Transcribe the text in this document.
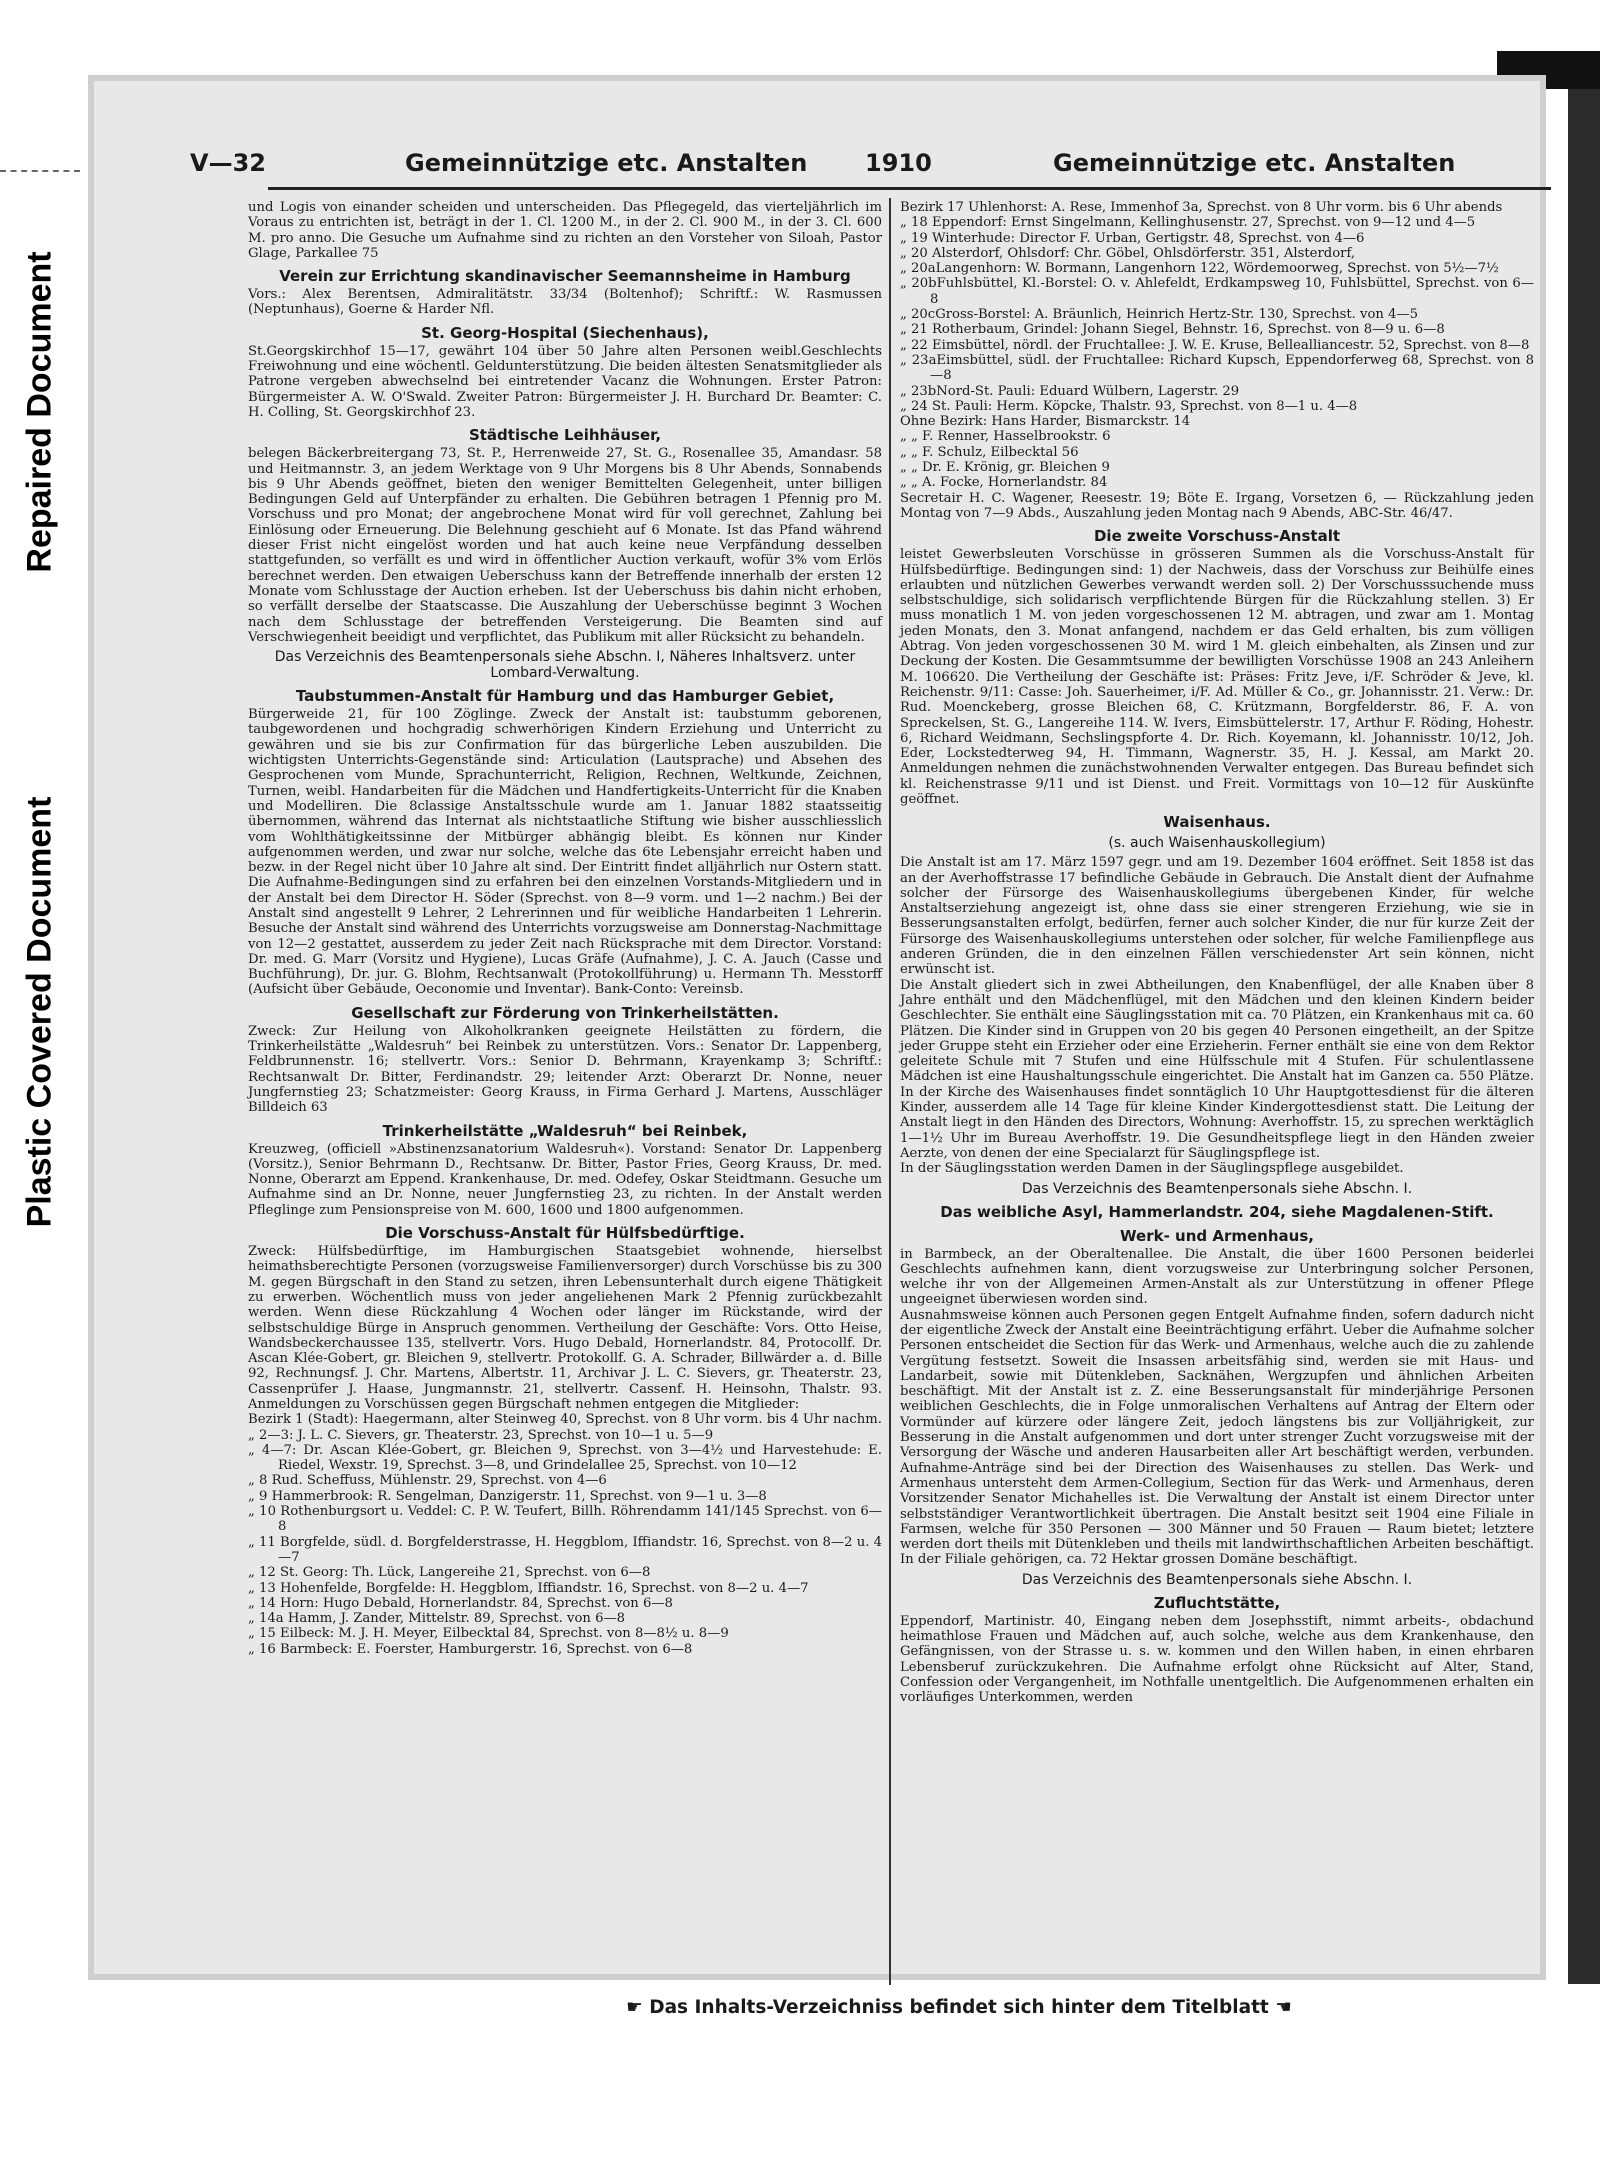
Repaired Document
Plastic Covered Document
V—32	Gemeinnützige etc. Anstalten 1910	Gemeinnützige etc. Anstalten

und Logis von einander scheiden und unterscheiden. Das Pflegegeld, das vierteljährlich im Voraus zu entrichten ist, beträgt in der 1. Cl. 1200 M., in der 2. Cl. 900 M., in der 3. Cl. 600 M. pro anno. Die Gesuche um Aufnahme sind zu richten an den Vorsteher von Siloah, Pastor Glage, Parkallee 75

Verein zur Errichtung skandinavischer Seemannsheime in Hamburg

Vors.: Alex Berentsen, Admiralitätstr. 33/34 (Boltenhof); Schriftf.: W. Rasmussen (Neptunhaus), Goerne & Harder Nfl.

St. Georg-Hospital (Siechenhaus),

St.Georgskirchhof 15—17, gewährt 104 über 50 Jahre alten Personen weibl.Geschlechts Freiwohnung und eine wöchentl. Geldunterstützung. Die beiden ältesten Senatsmitglieder als Patrone vergeben abwechselnd bei eintretender Vacanz die Wohnungen. Erster Patron: Bürgermeister A. W. O'Swald. Zweiter Patron: Bürgermeister J. H. Burchard Dr. Beamter: C. H. Colling, St. Georgskirchhof 23.

Städtische Leihhäuser,

belegen Bäckerbreitergang 73, St. P., Herrenweide 27, St. G., Rosenallee 35, Amandasr. 58 und Heitmannstr. 3, an jedem Werktage von 9 Uhr Morgens bis 8 Uhr Abends, Sonnabends bis 9 Uhr Abends geöffnet, bieten den weniger Bemittelten Gelegenheit, unter billigen Bedingungen Geld auf Unterpfänder zu erhalten. Die Gebühren betragen 1 Pfennig pro M. Vorschuss und pro Monat; der angebrochene Monat wird für voll gerechnet, Zahlung bei Einlösung oder Erneuerung. Die Belehnung geschieht auf 6 Monate. Ist das Pfand während dieser Frist nicht eingelöst worden und hat auch keine neue Verpfändung desselben stattgefunden, so verfällt es und wird in öffentlicher Auction verkauft, wofür 3% vom Erlös berechnet werden. Den etwaigen Ueberschuss kann der Betreffende innerhalb der ersten 12 Monate vom Schlusstage der Auction erheben. Ist der Ueberschuss bis dahin nicht erhoben, so verfällt derselbe der Staatscasse. Die Auszahlung der Ueberschüsse beginnt 3 Wochen nach dem Schlusstage der betreffenden Versteigerung. Die Beamten sind auf Verschwiegenheit beeidigt und verpflichtet, das Publikum mit aller Rücksicht zu behandeln.

Das Verzeichnis des Beamtenpersonals siehe Abschn. I, Näheres Inhaltsverz. unter Lombard-Verwaltung.
Taubstummen-Anstalt für Hamburg und das Hamburger Gebiet,

Bürgerweide 21, für 100 Zöglinge. Zweck der Anstalt ist: taubstumm geborenen, taubgewordenen und hochgradig schwerhörigen Kindern Erziehung und Unterricht zu gewähren und sie bis zur Confirmation für das bürgerliche Leben auszubilden. Die wichtigsten Unterrichts-Gegenstände sind: Articulation (Lautsprache) und Absehen des Gesprochenen vom Munde, Sprachunterricht, Religion, Rechnen, Weltkunde, Zeichnen, Turnen, weibl. Handarbeiten für die Mädchen und Handfertigkeits-Unterricht für die Knaben und Modelliren. Die 8classige Anstaltsschule wurde am 1. Januar 1882 staatsseitig übernommen, während das Internat als nichtstaatliche Stiftung wie bisher ausschliesslich vom Wohlthätigkeitssinne der Mitbürger abhängig bleibt. Es können nur Kinder aufgenommen werden, und zwar nur solche, welche das 6te Lebensjahr erreicht haben und bezw. in der Regel nicht über 10 Jahre alt sind. Der Eintritt findet alljährlich nur Ostern statt. Die Aufnahme-Bedingungen sind zu erfahren bei den einzelnen Vorstands-Mitgliedern und in der Anstalt bei dem Director H. Söder (Sprechst. von 8—9 vorm. und 1—2 nachm.) Bei der Anstalt sind angestellt 9 Lehrer, 2 Lehrerinnen und für weibliche Handarbeiten 1 Lehrerin. Besuche der Anstalt sind während des Unterrichts vorzugsweise am Donnerstag-Nachmittage von 12—2 gestattet, ausserdem zu jeder Zeit nach Rücksprache mit dem Director. Vorstand: Dr. med. G. Marr (Vorsitz und Hygiene), Lucas Gräfe (Aufnahme), J. C. A. Jauch (Casse und Buchführung), Dr. jur. G. Blohm, Rechtsanwalt (Protokollführung) u. Hermann Th. Messtorff (Aufsicht über Gebäude, Oeconomie und Inventar). Bank-Conto: Vereinsb.

Gesellschaft zur Förderung von Trinkerheilstätten.

Zweck: Zur Heilung von Alkoholkranken geeignete Heilstätten zu fördern, die Trinkerheilstätte „Waldesruh“ bei Reinbek zu unterstützen. Vors.: Senator Dr. Lappenberg, Feldbrunnenstr. 16; stellvertr. Vors.: Senior D. Behrmann, Krayenkamp 3; Schriftf.: Rechtsanwalt Dr. Bitter, Ferdinandstr. 29; leitender Arzt: Oberarzt Dr. Nonne, neuer Jungfernstieg 23; Schatzmeister: Georg Krauss, in Firma Gerhard J. Martens, Ausschläger Billdeich 63

Trinkerheilstätte „Waldesruh“ bei Reinbek,

Kreuzweg, (officiell »Abstinenzsanatorium Waldesruh«). Vorstand: Senator Dr. Lappenberg (Vorsitz.), Senior Behrmann D., Rechtsanw. Dr. Bitter, Pastor Fries, Georg Krauss, Dr. med. Nonne, Oberarzt am Eppend. Krankenhause, Dr. med. Odefey, Oskar Steidtmann. Gesuche um Aufnahme sind an Dr. Nonne, neuer Jungfernstieg 23, zu richten. In der Anstalt werden Pfleglinge zum Pensionspreise von M. 600, 1600 und 1800 aufgenommen.

Die Vorschuss-Anstalt für Hülfsbedürftige.

Zweck: Hülfsbedürftige, im Hamburgischen Staatsgebiet wohnende, hierselbst heimathsberechtigte Personen (vorzugsweise Familienversorger) durch Vorschüsse bis zu 300 M. gegen Bürgschaft in den Stand zu setzen, ihren Lebensunterhalt durch eigene Thätigkeit zu erwerben. Wöchentlich muss von jeder angeliehenen Mark 2 Pfennig zurückbezahlt werden. Wenn diese Rückzahlung 4 Wochen oder länger im Rückstande, wird der selbstschuldige Bürge in Anspruch genommen. Vertheilung der Geschäfte: Vors. Otto Heise, Wandsbeckerchaussee 135, stellvertr. Vors. Hugo Debald, Hornerlandstr. 84, Protocollf. Dr. Ascan Klée-Gobert, gr. Bleichen 9, stellvertr. Protokollf. G. A. Schrader, Billwärder a. d. Bille 92, Rechnungsf. J. Chr. Martens, Albertstr. 11, Archivar J. L. C. Sievers, gr. Theaterstr. 23, Cassenprüfer J. Haase, Jungmannstr. 21, stellvertr. Cassenf. H. Heinsohn, Thalstr. 93. Anmeldungen zu Vorschüssen gegen Bürgschaft nehmen entgegen die Mitglieder:

Bezirk 1 (Stadt): Haegermann, alter Steinweg 40, Sprechst. von 8 Uhr vorm. bis 4 Uhr nachm.

„ 2—3: J. L. C. Sievers, gr. Theaterstr. 23, Sprechst. von 10—1 u. 5—9

„ 4—7: Dr. Ascan Klée-Gobert, gr. Bleichen 9, Sprechst. von 3—4½ und Harvestehude: E. Riedel, Wexstr. 19, Sprechst. 3—8, und Grindelallee 25, Sprechst. von 10—12

„ 8 Rud. Scheffuss, Mühlenstr. 29, Sprechst. von 4—6

„ 9 Hammerbrook: R. Sengelman, Danzigerstr. 11, Sprechst. von 9—1 u. 3—8

„ 10 Rothenburgsort u. Veddel: C. P. W. Teufert, Billh. Röhrendamm 141/145 Sprechst. von 6—8

„ 11 Borgfelde, südl. d. Borgfelderstrasse, H. Heggblom, Iffiandstr. 16, Sprechst. von 8—2 u. 4—7

„ 12 St. Georg: Th. Lück, Langereihe 21, Sprechst. von 6—8

„ 13 Hohenfelde, Borgfelde: H. Heggblom, Iffiandstr. 16, Sprechst. von 8—2 u. 4—7

„ 14 Horn: Hugo Debald, Hornerlandstr. 84, Sprechst. von 6—8

„ 14a Hamm, J. Zander, Mittelstr. 89, Sprechst. von 6—8

„ 15 Eilbeck: M. J. H. Meyer, Eilbecktal 84, Sprechst. von 8—8½ u. 8—9

„ 16 Barmbeck: E. Foerster, Hamburgerstr. 16, Sprechst. von 6—8

Bezirk 17 Uhlenhorst: A. Rese, Immenhof 3a, Sprechst. von 8 Uhr vorm. bis 6 Uhr abends

„ 18 Eppendorf: Ernst Singelmann, Kellinghusenstr. 27, Sprechst. von 9—12 und 4—5

„ 19 Winterhude: Director F. Urban, Gertigstr. 48, Sprechst. von 4—6

„ 20 Alsterdorf, Ohlsdorf: Chr. Göbel, Ohlsdörferstr. 351, Alsterdorf,

„ 20aLangenhorn: W. Bormann, Langenhorn 122, Wördemoorweg, Sprechst. von 5½—7½

„ 20bFuhlsbüttel, Kl.-Borstel: O. v. Ahlefeldt, Erdkampsweg 10, Fuhlsbüttel, Sprechst. von 6—8

„ 20cGross-Borstel: A. Bräunlich, Heinrich Hertz-Str. 130, Sprechst. von 4—5

„ 21 Rotherbaum, Grindel: Johann Siegel, Behnstr. 16, Sprechst. von 8—9 u. 6—8

„ 22 Eimsbüttel, nördl. der Fruchtallee: J. W. E. Kruse, Bellealliancestr. 52, Sprechst. von 8—8

„ 23aEimsbüttel, südl. der Fruchtallee: Richard Kupsch, Eppendorferweg 68, Sprechst. von 8—8

„ 23bNord-St. Pauli: Eduard Wülbern, Lagerstr. 29

„ 24 St. Pauli: Herm. Köpcke, Thalstr. 93, Sprechst. von 8—1 u. 4—8

Ohne Bezirk: Hans Harder, Bismarckstr. 14

„ „ F. Renner, Hasselbrookstr. 6

„ „ F. Schulz, Eilbecktal 56

„ „ Dr. E. Krönig, gr. Bleichen 9

„ „ A. Focke, Hornerlandstr. 84

Secretair H. C. Wagener, Reesestr. 19; Böte E. Irgang, Vorsetzen 6, — Rückzahlung jeden Montag von 7—9 Abds., Auszahlung jeden Montag nach 9 Abends, ABC-Str. 46/47.

Die zweite Vorschuss-Anstalt

leistet Gewerbsleuten Vorschüsse in grösseren Summen als die Vorschuss-Anstalt für Hülfsbedürftige. Bedingungen sind: 1) der Nachweis, dass der Vorschuss zur Beihülfe eines erlaubten und nützlichen Gewerbes verwandt werden soll. 2) Der Vorschusssuchende muss selbstschuldige, sich solidarisch verpflichtende Bürgen für die Rückzahlung stellen. 3) Er muss monatlich 1 M. von jeden vorgeschossenen 12 M. abtragen, und zwar am 1. Montag jeden Monats, den 3. Monat anfangend, nachdem er das Geld erhalten, bis zum völligen Abtrag. Von jeden vorgeschossenen 30 M. wird 1 M. gleich einbehalten, als Zinsen und zur Deckung der Kosten. Die Gesammtsumme der bewilligten Vorschüsse 1908 an 243 Anleihern M. 106620. Die Vertheilung der Geschäfte ist: Präses: Fritz Jeve, i/F. Schröder & Jeve, kl. Reichenstr. 9/11: Casse: Joh. Sauerheimer, i/F. Ad. Müller & Co., gr. Johannisstr. 21. Verw.: Dr. Rud. Moenckeberg, grosse Bleichen 68, C. Krützmann, Borgfelderstr. 86, F. A. von Spreckelsen, St. G., Langereihe 114. W. Ivers, Eimsbüttelerstr. 17, Arthur F. Röding, Hohestr. 6, Richard Weidmann, Sechslingspforte 4. Dr. Rich. Koyemann, kl. Johannisstr. 10/12, Joh. Eder, Lockstedterweg 94, H. Timmann, Wagnerstr. 35, H. J. Kessal, am Markt 20. Anmeldungen nehmen die zunächstwohnenden Verwalter entgegen. Das Bureau befindet sich kl. Reichenstrasse 9/11 und ist Dienst. und Freit. Vormittags von 10—12 für Auskünfte geöffnet.

Waisenhaus.
(s. auch Waisenhauskollegium)

Die Anstalt ist am 17. März 1597 gegr. und am 19. Dezember 1604 eröffnet. Seit 1858 ist das an der Averhoffstrasse 17 befindliche Gebäude in Gebrauch. Die Anstalt dient der Aufnahme solcher der Fürsorge des Waisenhauskollegiums übergebenen Kinder, für welche Anstaltserziehung angezeigt ist, ohne dass sie einer strengeren Erziehung, wie sie in Besserungsanstalten erfolgt, bedürfen, ferner auch solcher Kinder, die nur für kurze Zeit der Fürsorge des Waisenhauskollegiums unterstehen oder solcher, für welche Familienpflege aus anderen Gründen, die in den einzelnen Fällen verschiedenster Art sein können, nicht erwünscht ist.

Die Anstalt gliedert sich in zwei Abtheilungen, den Knabenflügel, der alle Knaben über 8 Jahre enthält und den Mädchenflügel, mit den Mädchen und den kleinen Kindern beider Geschlechter. Sie enthält eine Säuglingsstation mit ca. 70 Plätzen, ein Krankenhaus mit ca. 60 Plätzen. Die Kinder sind in Gruppen von 20 bis gegen 40 Personen eingetheilt, an der Spitze jeder Gruppe steht ein Erzieher oder eine Erzieherin. Ferner enthält sie eine von dem Rektor geleitete Schule mit 7 Stufen und eine Hülfsschule mit 4 Stufen. Für schulentlassene Mädchen ist eine Haushaltungsschule eingerichtet. Die Anstalt hat im Ganzen ca. 550 Plätze. In der Kirche des Waisenhauses findet sonntäglich 10 Uhr Hauptgottesdienst für die älteren Kinder, ausserdem alle 14 Tage für kleine Kinder Kindergottesdienst statt. Die Leitung der Anstalt liegt in den Händen des Directors, Wohnung: Averhoffstr. 15, zu sprechen werktäglich 1—1½ Uhr im Bureau Averhoffstr. 19. Die Gesundheitspflege liegt in den Händen zweier Aerzte, von denen der eine Specialarzt für Säuglingspflege ist.

In der Säuglingsstation werden Damen in der Säuglingspflege ausgebildet.

Das Verzeichnis des Beamtenpersonals siehe Abschn. I.
Das weibliche Asyl, Hammerlandstr. 204, siehe Magdalenen-Stift.
Werk- und Armenhaus,

in Barmbeck, an der Oberaltenallee. Die Anstalt, die über 1600 Personen beiderlei Geschlechts aufnehmen kann, dient vorzugsweise zur Unterbringung solcher Personen, welche ihr von der Allgemeinen Armen-Anstalt als zur Unterstützung in offener Pflege ungeeignet überwiesen worden sind.

Ausnahmsweise können auch Personen gegen Entgelt Aufnahme finden, sofern dadurch nicht der eigentliche Zweck der Anstalt eine Beeinträchtigung erfährt. Ueber die Aufnahme solcher Personen entscheidet die Section für das Werk- und Armenhaus, welche auch die zu zahlende Vergütung festsetzt. Soweit die Insassen arbeitsfähig sind, werden sie mit Haus- und Landarbeit, sowie mit Dütenkleben, Sacknähen, Wergzupfen und ähnlichen Arbeiten beschäftigt. Mit der Anstalt ist z. Z. eine Besserungsanstalt für minderjährige Personen weiblichen Geschlechts, die in Folge unmoralischen Verhaltens auf Antrag der Eltern oder Vormünder auf kürzere oder längere Zeit, jedoch längstens bis zur Volljährigkeit, zur Besserung in die Anstalt aufgenommen und dort unter strenger Zucht vorzugsweise mit der Versorgung der Wäsche und anderen Hausarbeiten aller Art beschäftigt werden, verbunden. Aufnahme-Anträge sind bei der Direction des Waisenhauses zu stellen. Das Werk- und Armenhaus untersteht dem Armen-Collegium, Section für das Werk- und Armenhaus, deren Vorsitzender Senator Michahelles ist. Die Verwaltung der Anstalt ist einem Director unter selbstständiger Verantwortlichkeit übertragen. Die Anstalt besitzt seit 1904 eine Filiale in Farmsen, welche für 350 Personen — 300 Männer und 50 Frauen — Raum bietet; letztere werden dort theils mit Dütenkleben und theils mit landwirthschaftlichen Arbeiten beschäftigt. In der Filiale gehörigen, ca. 72 Hektar grossen Domäne beschäftigt.

Das Verzeichnis des Beamtenpersonals siehe Abschn. I.
Zufluchtstätte,

Eppendorf, Martinistr. 40, Eingang neben dem Josephsstift, nimmt arbeits-, obdachund heimathlose Frauen und Mädchen auf, auch solche, welche aus dem Krankenhause, den Gefängnissen, von der Strasse u. s. w. kommen und den Willen haben, in einen ehrbaren Lebensberuf zurückzukehren. Die Aufnahme erfolgt ohne Rücksicht auf Alter, Stand, Confession oder Vergangenheit, im Nothfalle unentgeltlich. Die Aufgenommenen erhalten ein vorläufiges Unterkommen, werden

☛ Das Inhalts-Verzeichniss befindet sich hinter dem Titelblatt ☚
